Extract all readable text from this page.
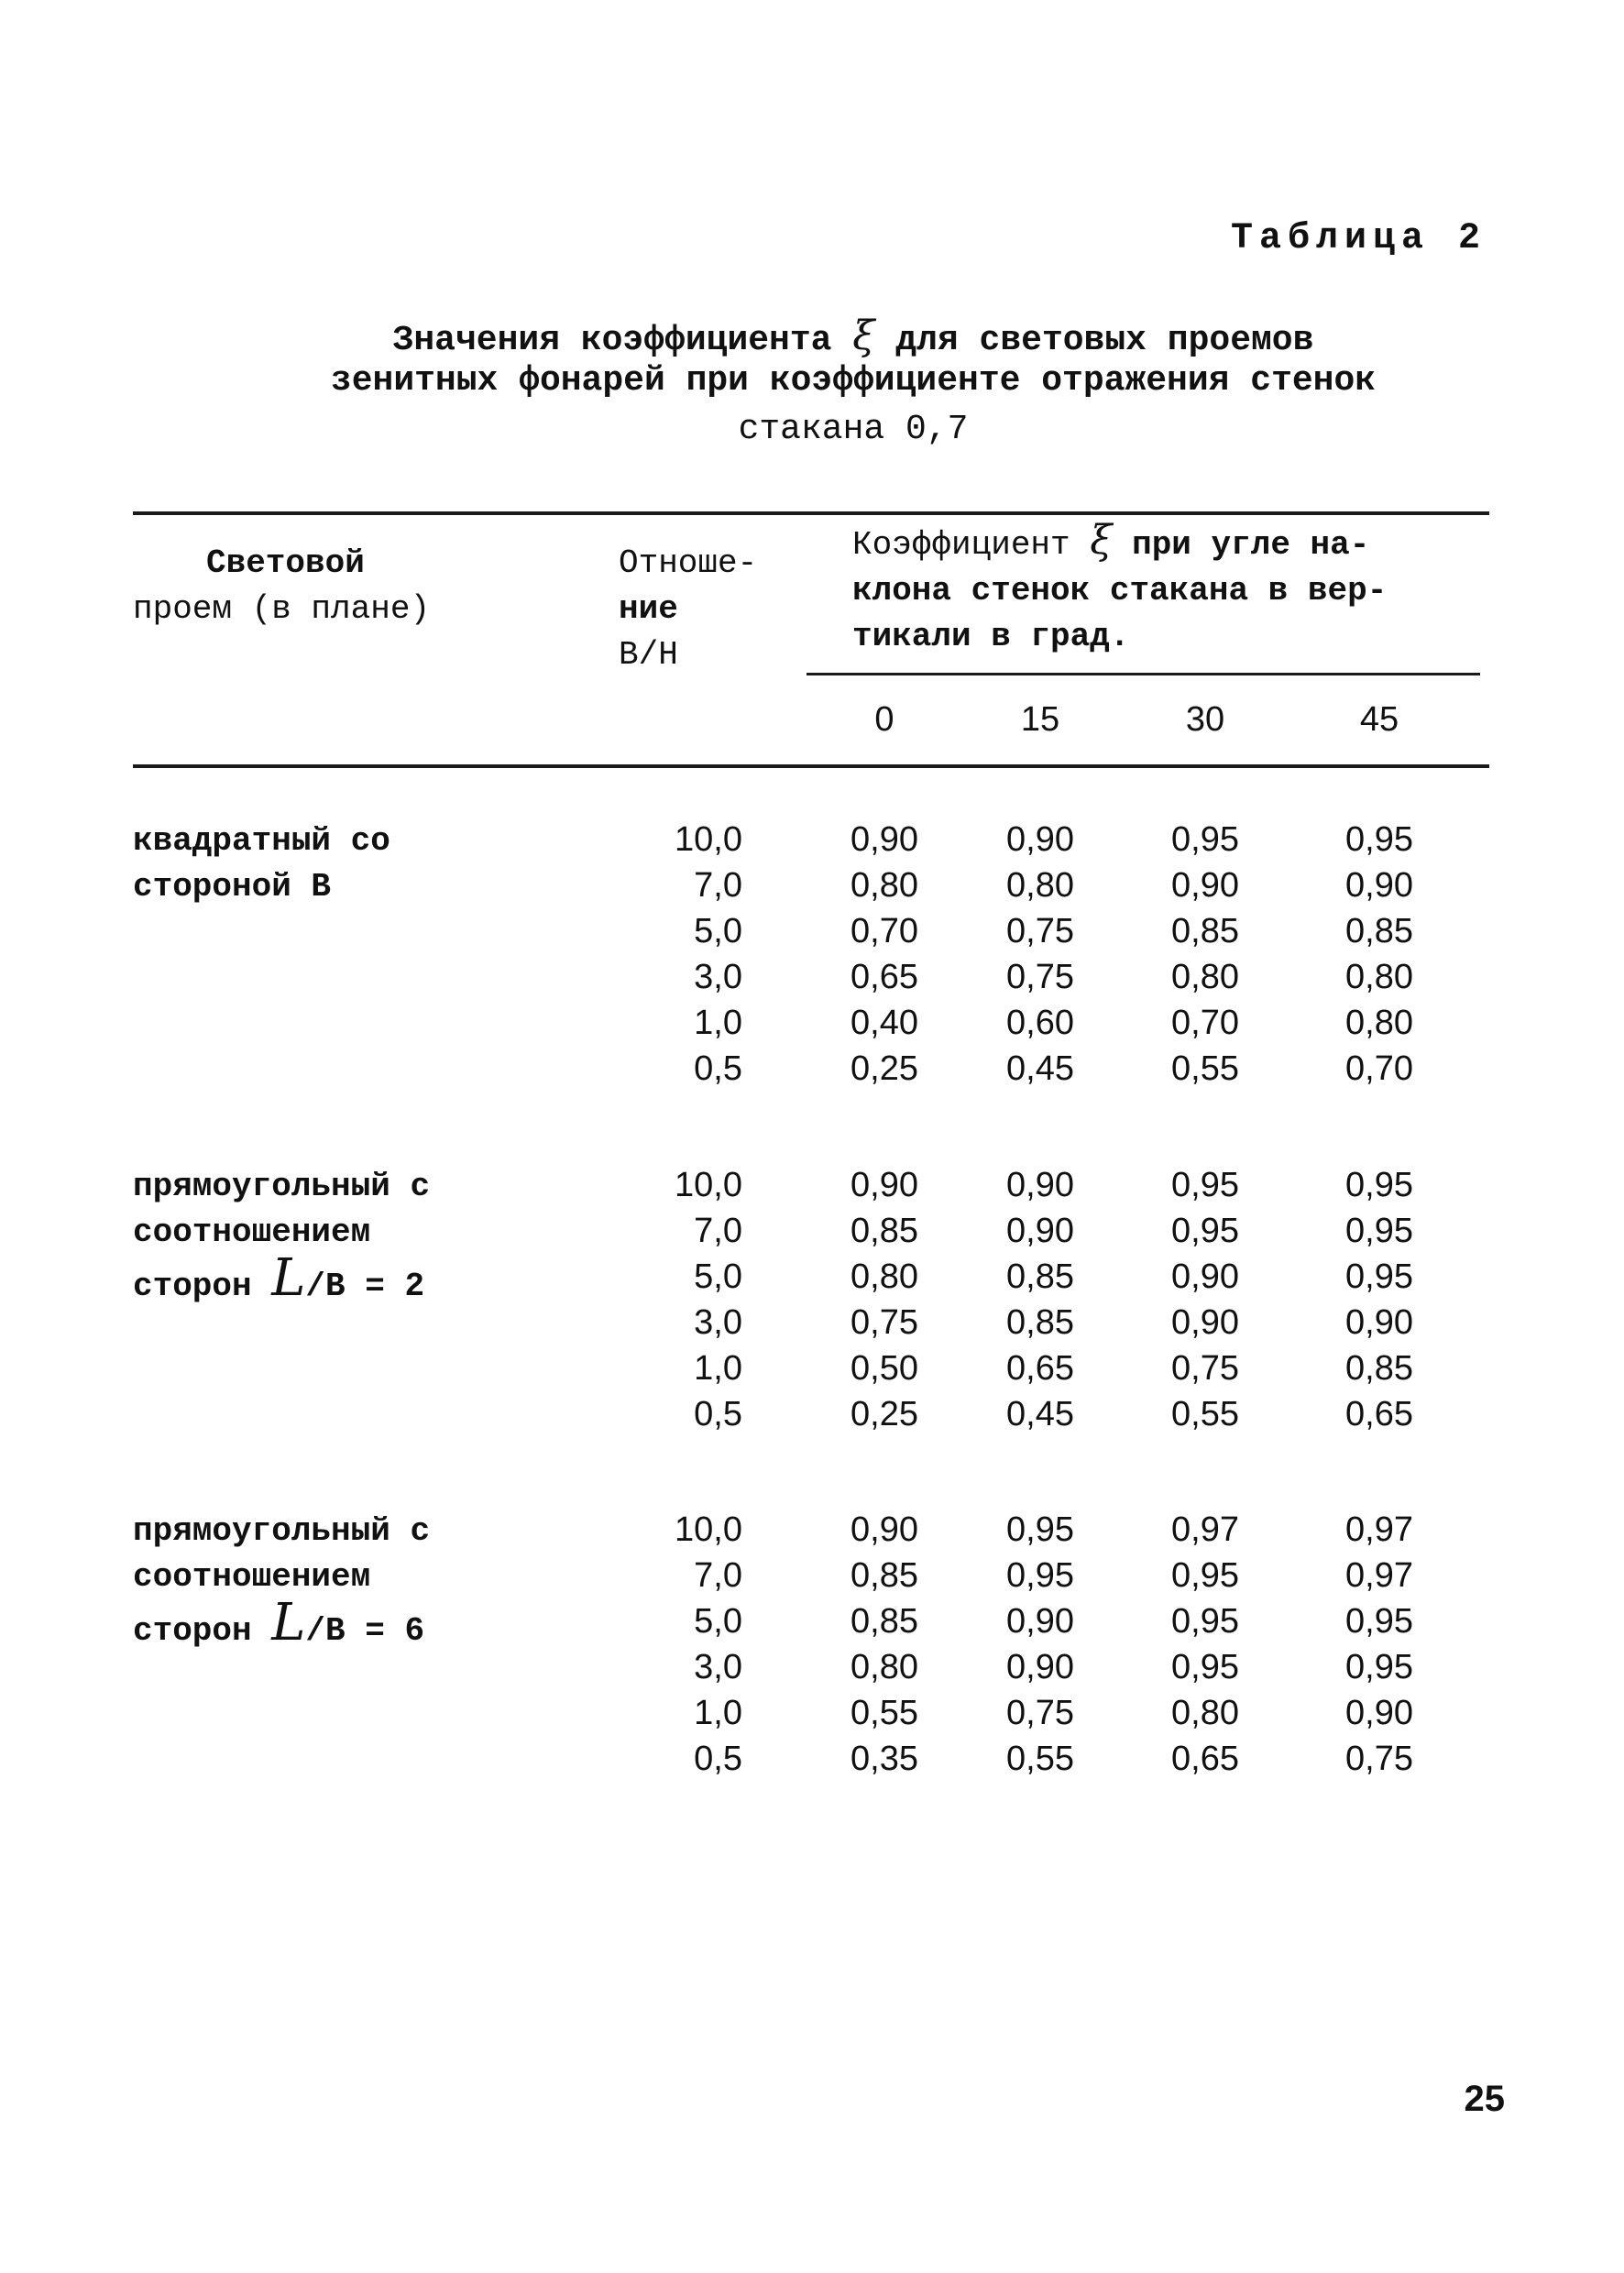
Таблица 2
Значения коэффициента ξ для световых проемов
зенитных фонарей при коэффициенте отражения стенок
стакана 0,7
Световой
проем (в плане)
Отноше-
ние
B/H
Коэффициент ξ при угле на-
клона стенок стакана в вер-
тикали в град.
0	15	30	45
квадратный со
стороной В
10,0	0,90	0,90	0,95	0,95
7,0	0,80	0,80	0,90	0,90
5,0	0,70	0,75	0,85	0,85
3,0	0,65	0,75	0,80	0,80
1,0	0,40	0,60	0,70	0,80
0,5	0,25	0,45	0,55	0,70
прямоугольный с
соотношением
сторон L/В = 2
10,0	0,90	0,90	0,95	0,95
7,0	0,85	0,90	0,95	0,95
5,0	0,80	0,85	0,90	0,95
3,0	0,75	0,85	0,90	0,90
1,0	0,50	0,65	0,75	0,85
0,5	0,25	0,45	0,55	0,65
прямоугольный с
соотношением
сторон L/В = 6
10,0	0,90	0,95	0,97	0,97
7,0	0,85	0,95	0,95	0,97
5,0	0,85	0,90	0,95	0,95
3,0	0,80	0,90	0,95	0,95
1,0	0,55	0,75	0,80	0,90
0,5	0,35	0,55	0,65	0,75
25
